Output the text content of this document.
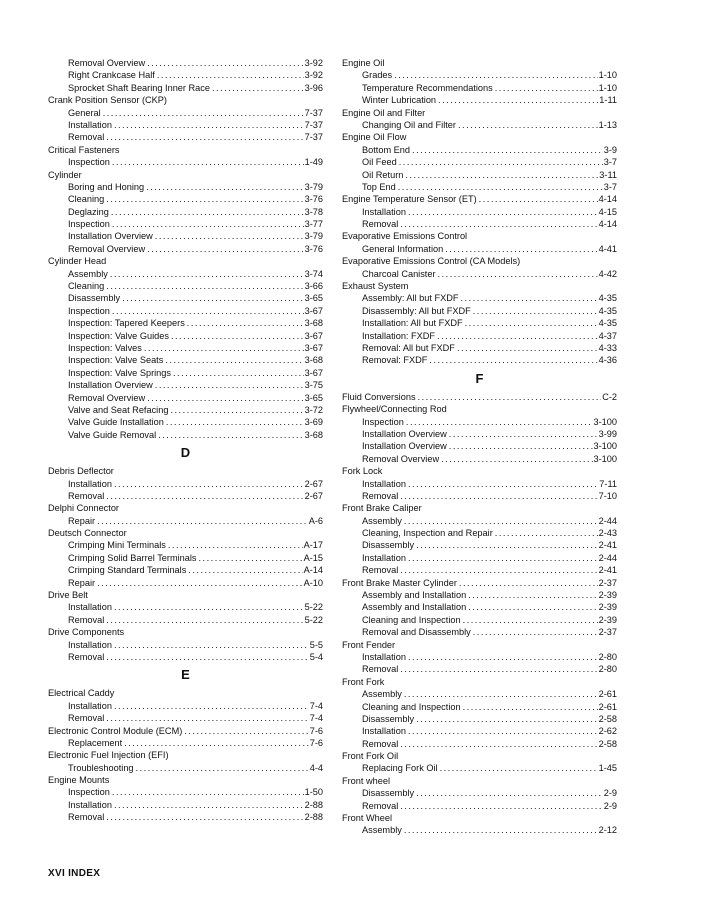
Removal Overview .....	3-92
Right Crankcase Half .....	3-92
Sprocket Shaft Bearing Inner Race .....	3-96
Crank Position Sensor (CKP)
General .....	7-37
Installation .....	7-37
Removal .....	7-37
Critical Fasteners
Inspection .....	1-49
Cylinder
Boring and Honing .....	3-79
Cleaning .....	3-76
Deglazing .....	3-78
Inspection .....	3-77
Installation Overview .....	3-79
Removal Overview .....	3-76
Cylinder Head
Assembly .....	3-74
Cleaning .....	3-66
Disassembly .....	3-65
Inspection .....	3-67
Inspection: Tapered Keepers .....	3-68
Inspection: Valve Guides .....	3-67
Inspection: Valves .....	3-67
Inspection: Valve Seats .....	3-68
Inspection: Valve Springs .....	3-67
Installation Overview .....	3-75
Removal Overview .....	3-65
Valve and Seat Refacing .....	3-72
Valve Guide Installation .....	3-69
Valve Guide Removal .....	3-68
D
Debris Deflector
Installation .....	2-67
Removal .....	2-67
Delphi Connector
Repair .....	A-6
Deutsch Connector
Crimping Mini Terminals .....	A-17
Crimping Solid Barrel Terminals .....	A-15
Crimping Standard Terminals .....	A-14
Repair .....	A-10
Drive Belt
Installation .....	5-22
Removal .....	5-22
Drive Components
Installation .....	5-5
Removal .....	5-4
E
Electrical Caddy
Installation .....	7-4
Removal .....	7-4
Electronic Control Module (ECM) .....	7-6
Replacement .....	7-6
Electronic Fuel Injection (EFI)
Troubleshooting .....	4-4
Engine Mounts
Inspection .....	1-50
Installation .....	2-88
Removal .....	2-88
Engine Oil
Grades .....	1-10
Temperature Recommendations .....	1-10
Winter Lubrication .....	1-11
Engine Oil and Filter
Changing Oil and Filter .....	1-13
Engine Oil Flow
Bottom End .....	3-9
Oil Feed .....	3-7
Oil Return .....	3-11
Top End .....	3-7
Engine Temperature Sensor (ET) .....	4-14
Installation .....	4-15
Removal .....	4-14
Evaporative Emissions Control
General Information .....	4-41
Evaporative Emissions Control (CA Models)
Charcoal Canister .....	4-42
Exhaust System
Assembly: All but FXDF .....	4-35
Disassembly: All but FXDF .....	4-35
Installation: All but FXDF .....	4-35
Installation: FXDF .....	4-37
Removal: All but FXDF .....	4-33
Removal: FXDF .....	4-36
F
Fluid Conversions .....	C-2
Flywheel/Connecting Rod
Inspection .....	3-100
Installation Overview .....	3-99
Installation Overview .....	3-100
Removal Overview .....	3-100
Fork Lock
Installation .....	7-11
Removal .....	7-10
Front Brake Caliper
Assembly .....	2-44
Cleaning, Inspection and Repair .....	2-43
Disassembly .....	2-41
Installation .....	2-44
Removal .....	2-41
Front Brake Master Cylinder .....	2-37
Assembly and Installation .....	2-39
Assembly and Installation .....	2-39
Cleaning and Inspection .....	2-39
Removal and Disassembly .....	2-37
Front Fender
Installation .....	2-80
Removal .....	2-80
Front Fork
Assembly .....	2-61
Cleaning and Inspection .....	2-61
Disassembly .....	2-58
Installation .....	2-62
Removal .....	2-58
Front Fork Oil
Replacing Fork Oil .....	1-45
Front wheel
Disassembly .....	2-9
Removal .....	2-9
Front Wheel
Assembly .....	2-12
XVI INDEX
